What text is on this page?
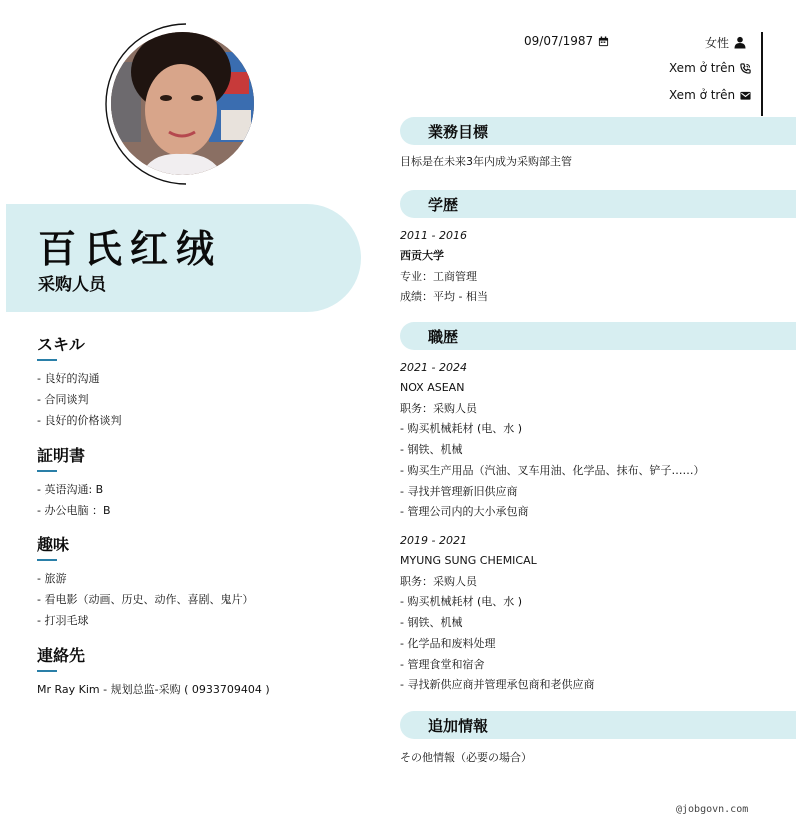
百氏红绒
采购人员
スキル
- 良好的沟通
- 合同谈判
- 良好的价格谈判
証明書
- 英语沟通: B
- 办公电脑 ：B
趣味
- 旅游
- 看电影（动画、历史、动作、喜剧、鬼片）
- 打羽毛球
連絡先
Mr Ray Kim - 规划总监-采购 ( 0933709404 )
09/07/1987	女性
Xem ở trên
Xem ở trên
業務目標
目标是在未来3年内成为采购部主管
学歴
2011 - 2016
西贡大学
专业：工商管理
成绩：平均 - 相当
職歴
2021 - 2024
NOX ASEAN
职务：采购人员
- 购买机械耗材 (电、水 )
- 钢铁、机械
- 购买生产用品（汽油、叉车用油、化学品、抹布、铲子……）
- 寻找并管理新旧供应商
- 管理公司内的大小承包商
2019 - 2021
MYUNG SUNG CHEMICAL
职务：采购人员
- 购买机械耗材 (电、水 )
- 钢铁、机械
- 化学品和废料处理
- 管理食堂和宿舍
- 寻找新供应商并管理承包商和老供应商
追加情報
その他情報（必要の場合）
@jobgovn.com
